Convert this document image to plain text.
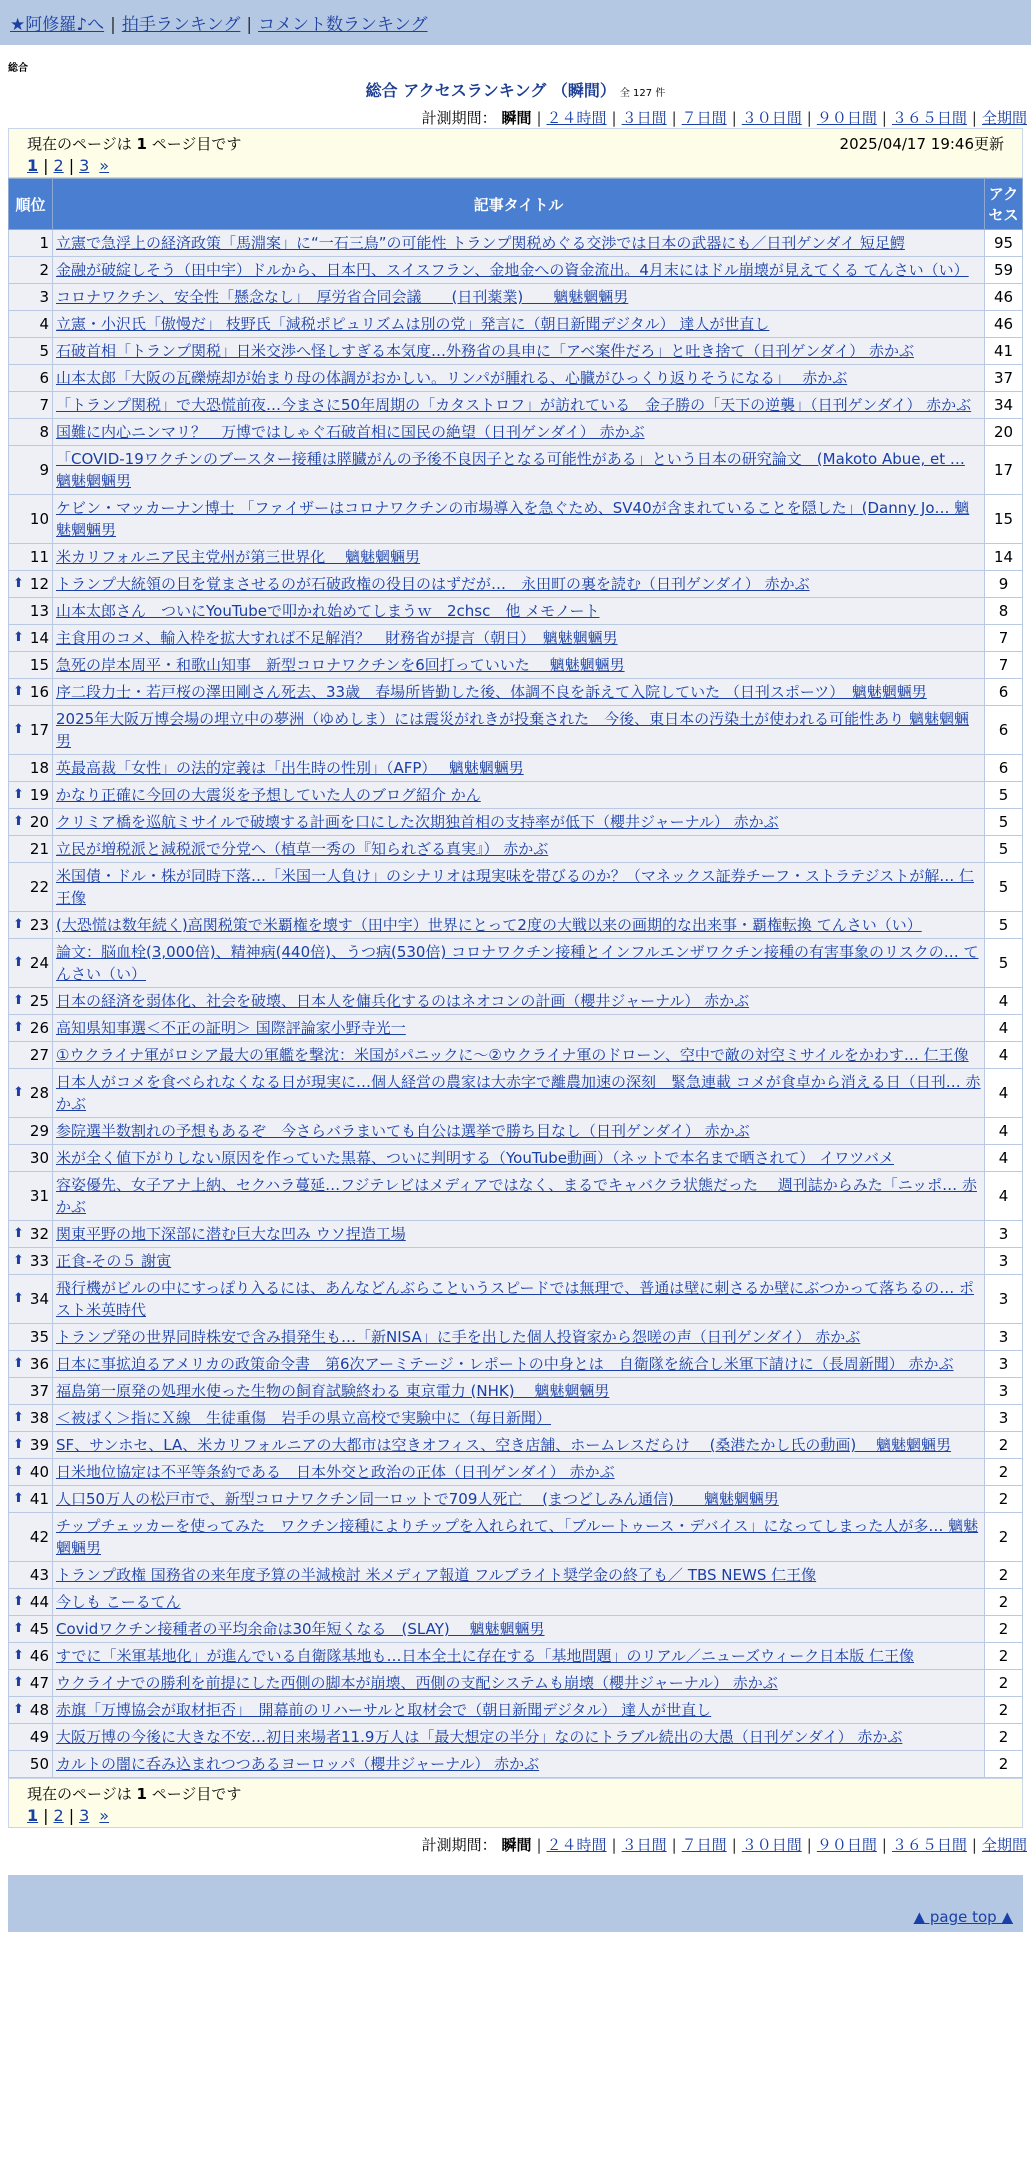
★阿修羅♪へ | 拍手ランキング | コメント数ランキング
総合
総合 アクセスランキング （瞬間） 全 127 件
計測期間： 瞬間 | ２４時間 | ３日間 | ７日間 | ３０日間 | ９０日間 | ３６５日間 | 全期間
現在のページは 1 ページ目です	2025/04/17 19:46更新
1 | 2 | 3 »
順位	記事タイトル	アクセス
1	立憲で急浮上の経済政策「馬淵案」に“一石三鳥”の可能性 トランプ関税めぐる交渉では日本の武器にも／日刊ゲンダイ 短足鰐	95
2	金融が破綻しそう（田中宇）ドルから、日本円、スイスフラン、金地金への資金流出。4月末にはドル崩壊が見えてくる てんさい（い）	59
3	コロナワクチン、安全性「懸念なし」　厚労省合同会議　　(日刊薬業)　　魑魅魍魎男	46
4	立憲・小沢氏「傲慢だ」 枝野氏「減税ポピュリズムは別の党」発言に（朝日新聞デジタル） 達人が世直し	46
5	石破首相「トランプ関税」日米交渉へ怪しすぎる本気度…外務省の具申に「アベ案件だろ」と吐き捨て（日刊ゲンダイ） 赤かぶ	41
6	山本太郎「大阪の瓦礫焼却が始まり母の体調がおかしい。リンパが腫れる、心臓がひっくり返りそうになる」　 赤かぶ	37
7	「トランプ関税」で大恐慌前夜…今まさに50年周期の「カタストロフ」が訪れている　金子勝の「天下の逆襲」（日刊ゲンダイ） 赤かぶ	34
8	国難に内心ニンマリ？　万博ではしゃぐ石破首相に国民の絶望（日刊ゲンダイ） 赤かぶ	20
9	「COVID-19ワクチンのブースター接種は膵臓がんの予後不良因子となる可能性がある」という日本の研究論文　(Makoto Abue, et … 魑魅魍魎男	17
10	ケビン・マッカーナン博士 「ファイザーはコロナワクチンの市場導入を急ぐため、SV40が含まれていることを隠した」(Danny Jo… 魑魅魍魎男	15
11	米カリフォルニア民主党州が第三世界化　 魑魅魍魎男	14

⬆ 12	トランプ大統領の目を覚まさせるのが石破政権の役目のはずだが…　永田町の裏を読む（日刊ゲンダイ） 赤かぶ	9
13	山本太郎さん　ついにYouTubeで叩かれ始めてしまうｗ　2chsc　他 メモノート	8

⬆ 14	主食用のコメ、輸入枠を拡大すれば不足解消？　財務省が提言（朝日）　魑魅魍魎男	7
15	急死の岸本周平・和歌山知事　新型コロナワクチンを6回打っていいた　 魑魅魍魎男	7

⬆ 16	序二段力士・若戸桜の澤田剛さん死去、33歳　春場所皆勤した後、体調不良を訴えて入院していた （日刊スポーツ）　魑魅魍魎男	6

⬆ 17	2025年大阪万博会場の埋立中の夢洲（ゆめしま）には震災がれきが投棄された　今後、東日本の汚染土が使われる可能性あり 魑魅魍魎男	6
18	英最高裁「女性」の法的定義は「出生時の性別」（AFP）　 魑魅魍魎男	6

⬆ 19	かなり正確に今回の大震災を予想していた人のブログ紹介 かん	5

⬆ 20	クリミア橋を巡航ミサイルで破壊する計画を口にした次期独首相の支持率が低下（櫻井ジャーナル） 赤かぶ	5
21	立民が増税派と減税派で分党へ（植草一秀の『知られざる真実』） 赤かぶ	5
22	米国債・ドル・株が同時下落…「米国一人負け」のシナリオは現実味を帯びるのか？（マネックス証券チーフ・ストラテジストが解… 仁王像	5

⬆ 23	(大恐慌は数年続く)高関税策で米覇権を壊す（田中宇）世界にとって2度の大戦以来の画期的な出来事・覇権転換 てんさい（い）	5

⬆ 24	論文：脳血栓(3,000倍)、精神病(440倍)、うつ病(530倍) コロナワクチン接種とインフルエンザワクチン接種の有害事象のリスクの… てんさい（い）	5

⬆ 25	日本の経済を弱体化、社会を破壊、日本人を傭兵化するのはネオコンの計画（櫻井ジャーナル） 赤かぶ	4

⬆ 26	高知県知事選＜不正の証明＞ 国際評論家小野寺光一	4
27	①ウクライナ軍がロシア最大の軍艦を撃沈：米国がパニックに～②ウクライナ軍のドローン、空中で敵の対空ミサイルをかわす… 仁王像	4

⬆ 28	日本人がコメを食べられなくなる日が現実に…個人経営の農家は大赤字で離農加速の深刻　緊急連載 コメが食卓から消える日（日刊… 赤かぶ	4
29	参院選半数割れの予想もあるぞ　今さらバラまいても自公は選挙で勝ち目なし（日刊ゲンダイ） 赤かぶ	4
30	米が全く値下がりしない原因を作っていた黒幕、ついに判明する（YouTube動画）（ネットで本名まで晒されて） イワツバメ	4
31	容姿優先、女子アナ上納、セクハラ蔓延…フジテレビはメディアではなく、まるでキャバクラ状態だった　 週刊誌からみた「ニッポ… 赤かぶ	4

⬆ 32	関東平野の地下深部に潜む巨大な凹み ウソ捏造工場	3

⬆ 33	正食-その５ 謝寅	3

⬆ 34	飛行機がビルの中にすっぽり入るには、あんなどんぶらこというスピードでは無理で、普通は壁に刺さるか壁にぶつかって落ちるの… ポスト米英時代	3
35	トランプ発の世界同時株安で含み損発生も…「新NISA」に手を出した個人投資家から怨嗟の声（日刊ゲンダイ） 赤かぶ	3

⬆ 36	日本に事拡迫るアメリカの政策命令書　第6次アーミテージ・レポートの中身とは　自衛隊を統合し米軍下請けに（長周新聞） 赤かぶ	3
37	福島第一原発の処理水使った生物の飼育試験終わる 東京電力 (NHK)　 魑魅魍魎男	3

⬆ 38	＜被ばく＞指にＸ線　生徒重傷　岩手の県立高校で実験中に（毎日新聞）	3

⬆ 39	SF、サンホセ、LA、米カリフォルニアの大都市は空きオフィス、空き店舗、ホームレスだらけ　 (桑港たかし氏の動画)　 魑魅魍魎男	2

⬆ 40	日米地位協定は不平等条約である　日本外交と政治の正体（日刊ゲンダイ） 赤かぶ	2

⬆ 41	人口50万人の松戸市で、新型コロナワクチン同一ロットで709人死亡　 (まつどしみん通信)　　魑魅魍魎男	2
42	チップチェッカーを使ってみた　ワクチン接種によりチップを入れられて、「ブルートゥース・デバイス」になってしまった人が多… 魑魅魍魎男	2
43	トランプ政権 国務省の来年度予算の半減検討 米メディア報道 フルブライト奨学金の終了も／ TBS NEWS 仁王像	2

⬆ 44	今しも こーるてん	2

⬆ 45	Covidワクチン接種者の平均余命は30年短くなる　(SLAY)　 魑魅魍魎男	2

⬆ 46	すでに「米軍基地化」が進んでいる自衛隊基地も…日本全土に存在する「基地問題」のリアル／ニューズウィーク日本版 仁王像	2

⬆ 47	ウクライナでの勝利を前提にした西側の脚本が崩壊、西側の支配システムも崩壊（櫻井ジャーナル） 赤かぶ	2

⬆ 48	赤旗「万博協会が取材拒否」　開幕前のリハーサルと取材会で（朝日新聞デジタル） 達人が世直し	2
49	大阪万博の今後に大きな不安…初日来場者11.9万人は「最大想定の半分」なのにトラブル続出の大愚（日刊ゲンダイ） 赤かぶ	2
50	カルトの闇に呑み込まれつつあるヨーロッパ（櫻井ジャーナル） 赤かぶ	2
現在のページは 1 ページ目です
1 | 2 | 3 »
計測期間： 瞬間 | ２４時間 | ３日間 | ７日間 | ３０日間 | ９０日間 | ３６５日間 | 全期間
▲ page top ▲
